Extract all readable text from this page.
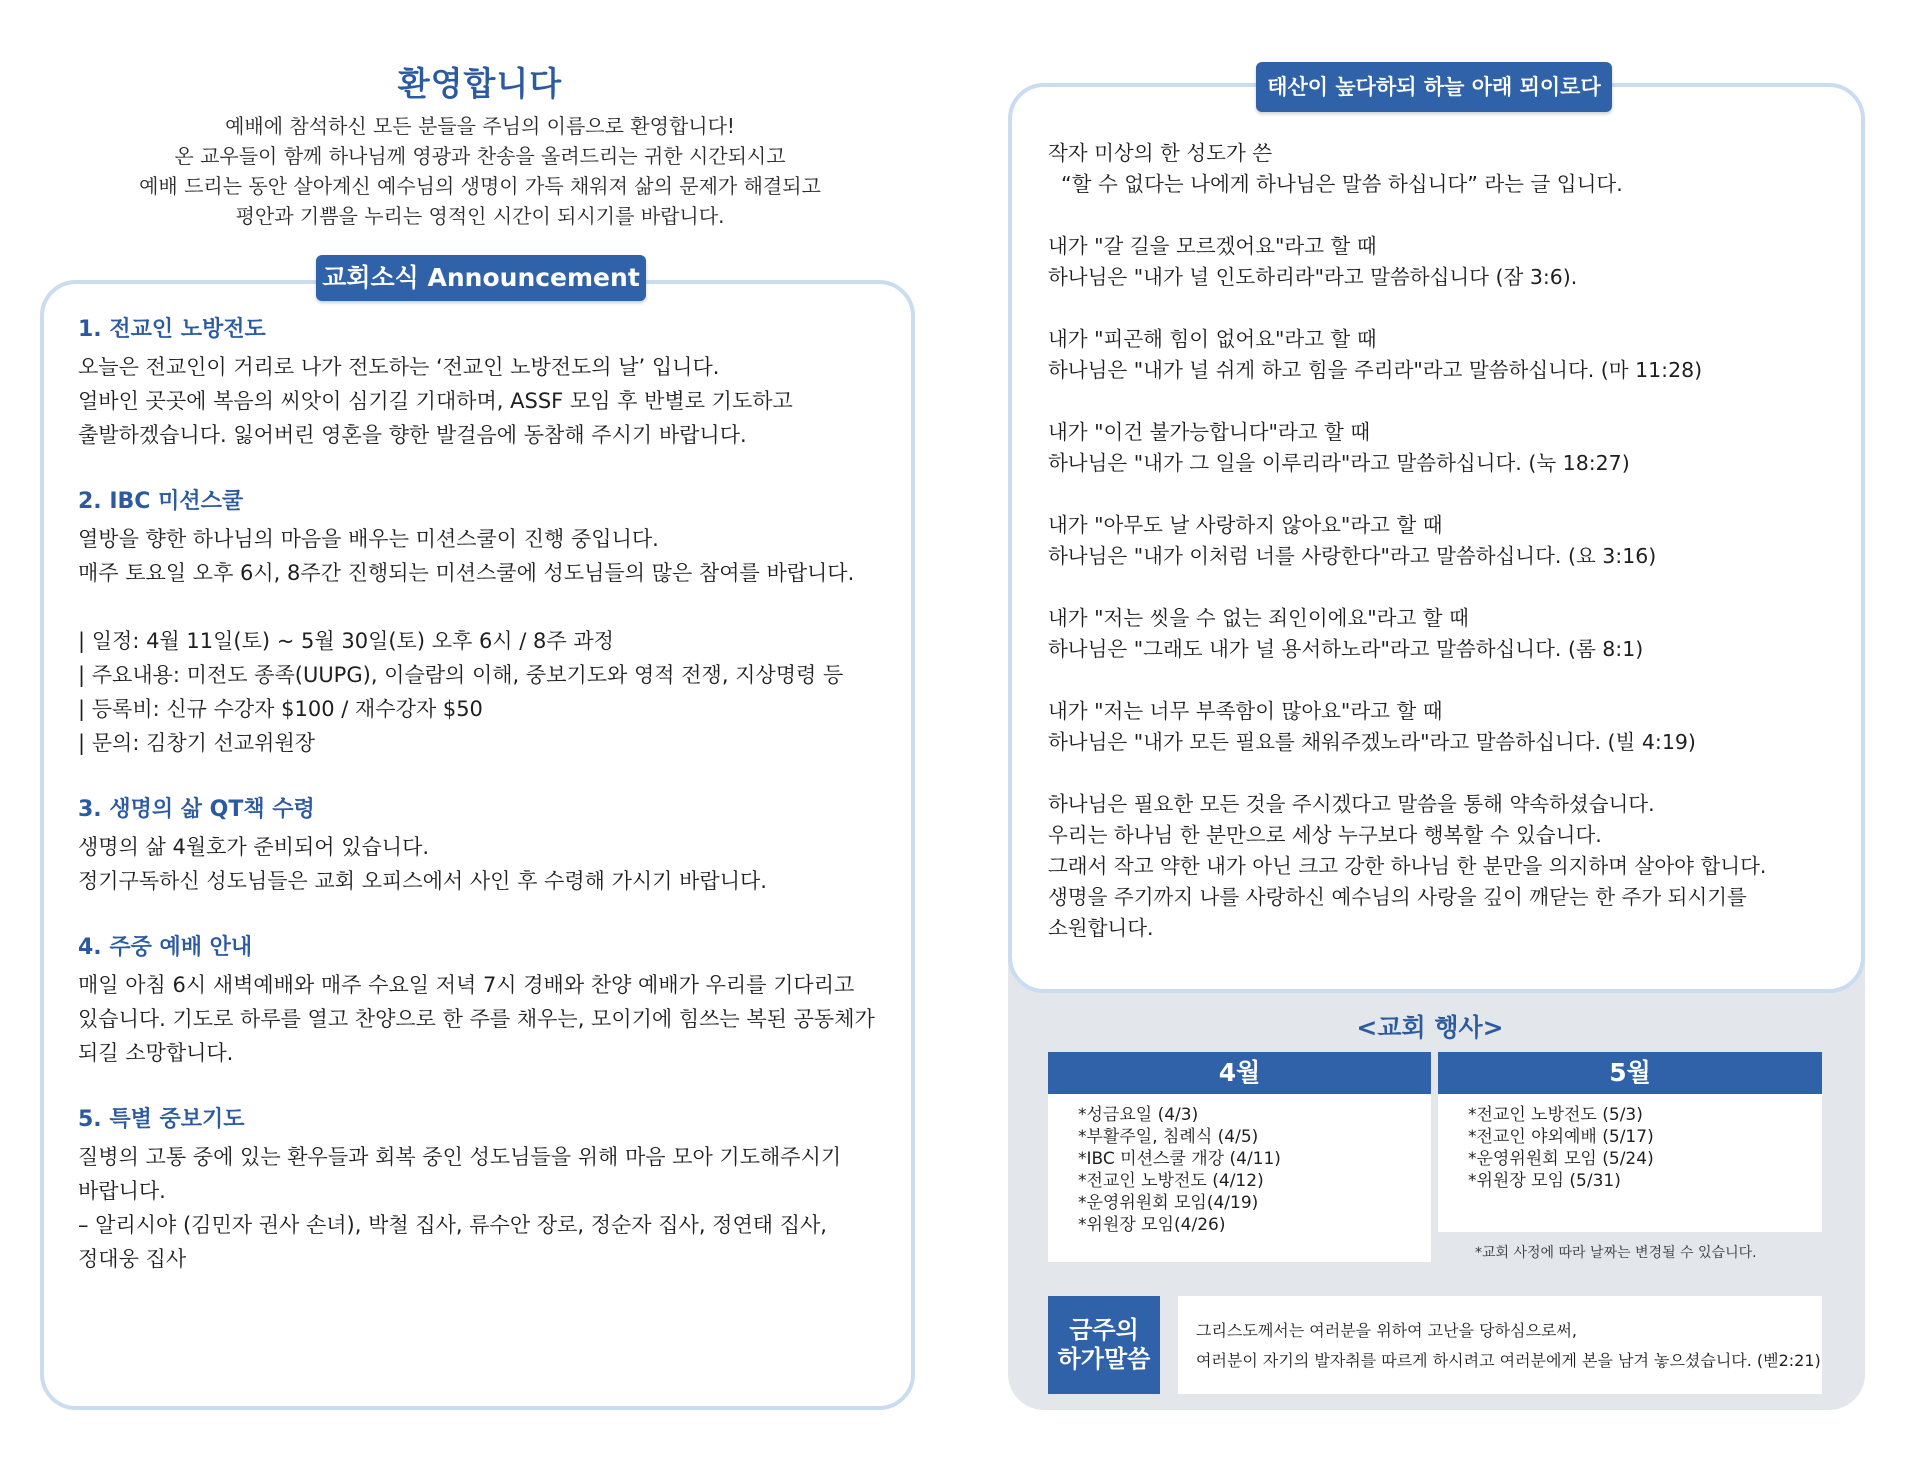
환영합니다
예배에 참석하신 모든 분들을 주님의 이름으로 환영합니다!
온 교우들이 함께 하나님께 영광과 찬송을 올려드리는 귀한 시간되시고
예배 드리는 동안 살아계신 예수님의 생명이 가득 채워져 삶의 문제가 해결되고
평안과 기쁨을 누리는 영적인 시간이 되시기를 바랍니다.
교회소식 Announcement
1. 전교인 노방전도
오늘은 전교인이 거리로 나가 전도하는 ‘전교인 노방전도의 날’ 입니다.
얼바인 곳곳에 복음의 씨앗이 심기길 기대하며, ASSF 모임 후 반별로 기도하고
출발하겠습니다. 잃어버린 영혼을 향한 발걸음에 동참해 주시기 바랍니다.
2. IBC 미션스쿨
열방을 향한 하나님의 마음을 배우는 미션스쿨이 진행 중입니다.
매주 토요일 오후 6시, 8주간 진행되는 미션스쿨에 성도님들의 많은 참여를 바랍니다.
| 일정: 4월 11일(토) ~ 5월 30일(토) 오후 6시 / 8주 과정
| 주요내용: 미전도 종족(UUPG), 이슬람의 이해, 중보기도와 영적 전쟁, 지상명령 등
| 등록비: 신규 수강자 $100 / 재수강자 $50
| 문의: 김창기 선교위원장
3. 생명의 삶 QT책 수령
생명의 삶 4월호가 준비되어 있습니다.
정기구독하신 성도님들은 교회 오피스에서 사인 후 수령해 가시기 바랍니다.
4. 주중 예배 안내
매일 아침 6시 새벽예배와 매주 수요일 저녁 7시 경배와 찬양 예배가 우리를 기다리고
있습니다. 기도로 하루를 열고 찬양으로 한 주를 채우는, 모이기에 힘쓰는 복된 공동체가
되길 소망합니다.
5. 특별 중보기도
질병의 고통 중에 있는 환우들과 회복 중인 성도님들을 위해 마음 모아 기도해주시기
바랍니다.
– 알리시야 (김민자 권사 손녀), 박철 집사, 류수안 장로, 정순자 집사, 정연태 집사,
정대웅 집사
태산이 높다하되 하늘 아래 뫼이로다
작자 미상의 한 성도가 쓴
“할 수 없다는 나에게 하나님은 말씀 하십니다” 라는 글 입니다.
내가 "갈 길을 모르겠어요"라고 할 때
하나님은 "내가 널 인도하리라"라고 말씀하십니다 (잠 3:6).
내가 "피곤해 힘이 없어요"라고 할 때
하나님은 "내가 널 쉬게 하고 힘을 주리라"라고 말씀하십니다. (마 11:28)
내가 "이건 불가능합니다"라고 할 때
하나님은 "내가 그 일을 이루리라"라고 말씀하십니다. (눅 18:27)
내가 "아무도 날 사랑하지 않아요"라고 할 때
하나님은 "내가 이처럼 너를 사랑한다"라고 말씀하십니다. (요 3:16)
내가 "저는 씻을 수 없는 죄인이에요"라고 할 때
하나님은 "그래도 내가 널 용서하노라"라고 말씀하십니다. (롬 8:1)
내가 "저는 너무 부족함이 많아요"라고 할 때
하나님은 "내가 모든 필요를 채워주겠노라"라고 말씀하십니다. (빌 4:19)
하나님은 필요한 모든 것을 주시겠다고 말씀을 통해 약속하셨습니다.
우리는 하나님 한 분만으로 세상 누구보다 행복할 수 있습니다.
그래서 작고 약한 내가 아닌 크고 강한 하나님 한 분만을 의지하며 살아야 합니다.
생명을 주기까지 나를 사랑하신 예수님의 사랑을 깊이 깨닫는 한 주가 되시기를
소원합니다.
<교회 행사>
4월
*성금요일 (4/3)
*부활주일, 침례식 (4/5)
*IBC 미션스쿨 개강 (4/11)
*전교인 노방전도 (4/12)
*운영위원회 모임(4/19)
*위원장 모임(4/26)
5월
*전교인 노방전도 (5/3)
*전교인 야외예배 (5/17)
*운영위원회 모임 (5/24)
*위원장 모임 (5/31)
*교회 사정에 따라 날짜는 변경될 수 있습니다.
금주의
하가말씀
그리스도께서는 여러분을 위하여 고난을 당하심으로써,
여러분이 자기의 발자취를 따르게 하시려고 여러분에게 본을 남겨 놓으셨습니다. (벧2:21)
